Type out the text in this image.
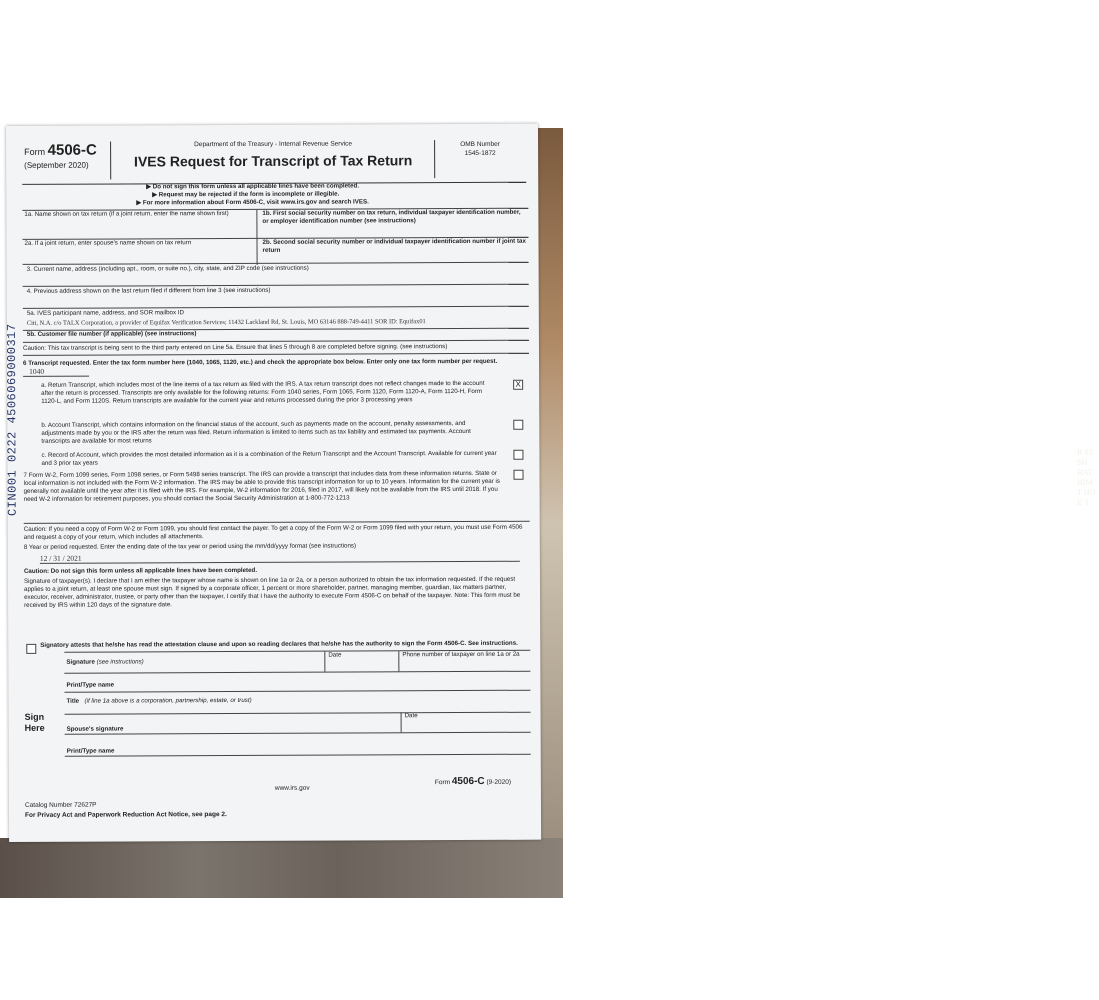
R ST SH HAT HIM T HO F, T
CIN001 0222 4506069000317
Form 4506-C
(September 2020)
Department of the Treasury - Internal Revenue Service
IVES Request for Transcript of Tax Return
OMB Number
1545-1872
▶ Do not sign this form unless all applicable lines have been completed.
▶ Request may be rejected if the form is incomplete or illegible.
▶ For more information about Form 4506-C, visit www.irs.gov and search IVES.
1a. Name shown on tax return (if a joint return, enter the name shown first)	1b. First social security number on tax return, individual taxpayer identification number, or employer identification number (see instructions)
2a. If a joint return, enter spouse's name shown on tax return	2b. Second social security number or individual taxpayer identification number if joint tax return
3. Current name, address (including apt., room, or suite no.), city, state, and ZIP code (see instructions)
4. Previous address shown on the last return filed if different from line 3 (see instructions)
5a. IVES participant name, address, and SOR mailbox ID
Citi, N.A. c/o TALX Corporation, a provider of Equifax Verification Services; 11432 Lackland Rd, St. Louis, MO 63146 888-749-4411 SOR ID: Equifax01
5b. Customer file number (if applicable) (see instructions)
Caution: This tax transcript is being sent to the third party entered on Line 5a. Ensure that lines 5 through 8 are completed before signing. (see instructions)
6 Transcript requested. Enter the tax form number here (1040, 1065, 1120, etc.) and check the appropriate box below. Enter only one tax form number per request. 1040
a. Return Transcript, which includes most of the line items of a tax return as filed with the IRS. A tax return transcript does not reflect changes made to the account after the return is processed. Transcripts are only available for the following returns: Form 1040 series, Form 1065, Form 1120, Form 1120-A, Form 1120-H, Form 1120-L, and Form 1120S. Return transcripts are available for the current year and returns processed during the prior 3 processing years
X
b. Account Transcript, which contains information on the financial status of the account, such as payments made on the account, penalty assessments, and adjustments made by you or the IRS after the return was filed. Return information is limited to items such as tax liability and estimated tax payments. Account transcripts are available for most returns
c. Record of Account, which provides the most detailed information as it is a combination of the Return Transcript and the Account Transcript. Available for current year and 3 prior tax years
7 Form W-2, Form 1099 series, Form 1098 series, or Form 5498 series transcript. The IRS can provide a transcript that includes data from these information returns. State or local information is not included with the Form W-2 information. The IRS may be able to provide this transcript information for up to 10 years. Information for the current year is generally not available until the year after it is filed with the IRS. For example, W-2 information for 2016, filed in 2017, will likely not be available from the IRS until 2018. If you need W-2 information for retirement purposes, you should contact the Social Security Administration at 1-800-772-1213
Caution: If you need a copy of Form W-2 or Form 1099, you should first contact the payer. To get a copy of the Form W-2 or Form 1099 filed with your return, you must use Form 4506 and request a copy of your return, which includes all attachments.
8 Year or period requested. Enter the ending date of the tax year or period using the mm/dd/yyyy format (see instructions)
12 / 31 / 2021
Caution: Do not sign this form unless all applicable lines have been completed.
Signature of taxpayer(s). I declare that I am either the taxpayer whose name is shown on line 1a or 2a, or a person authorized to obtain the tax information requested. If the request applies to a joint return, at least one spouse must sign. If signed by a corporate officer, 1 percent or more shareholder, partner, managing member, guardian, tax matters partner, executor, receiver, administrator, trustee, or party other than the taxpayer, I certify that I have the authority to execute Form 4506-C on behalf of the taxpayer. Note: This form must be received by IRS within 120 days of the signature date.
Signatory attests that he/she has read the attestation clause and upon so reading declares that he/she has the authority to sign the Form 4506-C. See instructions.
Signature (see instructions)
Date	Phone number of taxpayer on line 1a or 2a
Print/Type name
Sign Here
Title (if line 1a above is a corporation, partnership, estate, or trust)
Spouse's signature
Date
Print/Type name
www.irs.gov
Form 4506-C (9-2020)
Catalog Number 72627P
For Privacy Act and Paperwork Reduction Act Notice, see page 2.
